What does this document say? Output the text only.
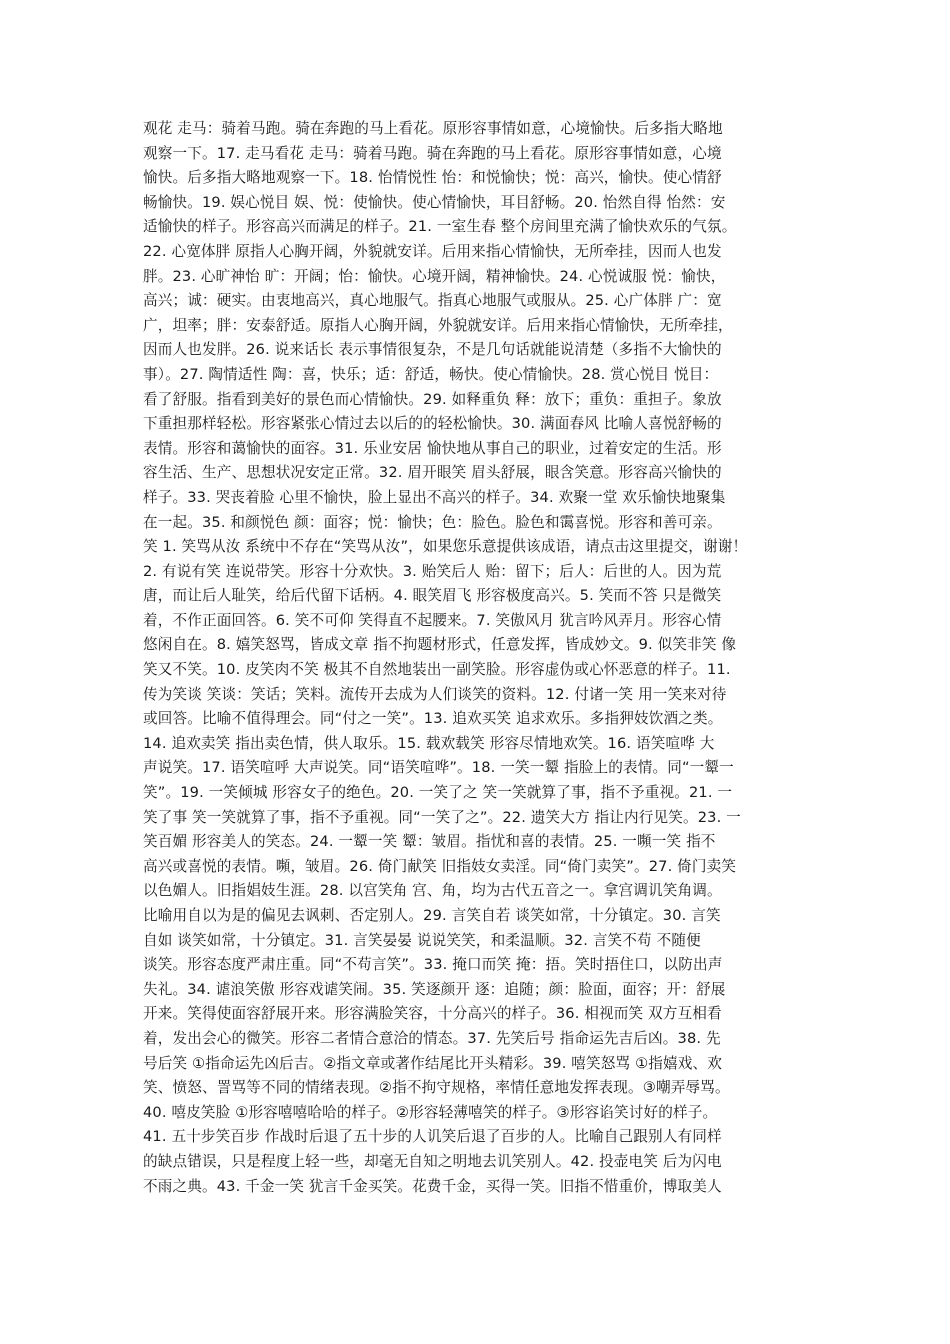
观花 走马：骑着马跑。骑在奔跑的马上看花。原形容事情如意，心境愉快。后多指大略地
观察一下。17. 走马看花 走马：骑着马跑。骑在奔跑的马上看花。原形容事情如意，心境
愉快。后多指大略地观察一下。18. 怡情悦性 怡：和悦愉快；悦：高兴，愉快。使心情舒
畅愉快。19. 娱心悦目 娱、悦：使愉快。使心情愉快，耳目舒畅。20. 怡然自得 怡然：安
适愉快的样子。形容高兴而满足的样子。21. 一室生春 整个房间里充满了愉快欢乐的气氛。
22. 心宽体胖 原指人心胸开阔，外貌就安详。后用来指心情愉快，无所牵挂，因而人也发
胖。23. 心旷神怡 旷：开阔；怡：愉快。心境开阔，精神愉快。24. 心悦诚服 悦：愉快，
高兴；诚：硬实。由衷地高兴，真心地服气。指真心地服气或服从。25. 心广体胖 广：宽
广，坦率；胖：安泰舒适。原指人心胸开阔，外貌就安详。后用来指心情愉快，无所牵挂，
因而人也发胖。26. 说来话长 表示事情很复杂，不是几句话就能说清楚（多指不大愉快的
事）。27. 陶情适性 陶：喜，快乐；适：舒适，畅快。使心情愉快。28. 赏心悦目 悦目：
看了舒服。指看到美好的景色而心情愉快。29. 如释重负 释：放下；重负：重担子。象放
下重担那样轻松。形容紧张心情过去以后的的轻松愉快。30. 满面春风 比喻人喜悦舒畅的
表情。形容和蔼愉快的面容。31. 乐业安居 愉快地从事自己的职业，过着安定的生活。形
容生活、生产、思想状况安定正常。32. 眉开眼笑 眉头舒展，眼含笑意。形容高兴愉快的
样子。33. 哭丧着脸 心里不愉快，脸上显出不高兴的样子。34. 欢聚一堂 欢乐愉快地聚集
在一起。35. 和颜悦色 颜：面容；悦：愉快；色：脸色。脸色和霭喜悦。形容和善可亲。
笑 1. 笑骂从汝 系统中不存在“笑骂从汝”，如果您乐意提供该成语，请点击这里提交，谢谢！
2. 有说有笑 连说带笑。形容十分欢快。3. 贻笑后人 贻：留下；后人：后世的人。因为荒
唐，而让后人耻笑，给后代留下话柄。4. 眼笑眉飞 形容极度高兴。5. 笑而不答 只是微笑
着，不作正面回答。6. 笑不可仰 笑得直不起腰来。7. 笑傲风月 犹言吟风弄月。形容心情
悠闲自在。8. 嬉笑怒骂，皆成文章 指不拘题材形式，任意发挥，皆成妙文。9. 似笑非笑 像
笑又不笑。10. 皮笑肉不笑 极其不自然地装出一副笑脸。形容虚伪或心怀恶意的样子。11.
传为笑谈 笑谈：笑话；笑料。流传开去成为人们谈笑的资料。12. 付诸一笑 用一笑来对待
或回答。比喻不值得理会。同“付之一笑”。13. 追欢买笑 追求欢乐。多指狎妓饮酒之类。
14. 追欢卖笑 指出卖色情，供人取乐。15. 载欢载笑 形容尽情地欢笑。16. 语笑喧哗 大
声说笑。17. 语笑喧呼 大声说笑。同“语笑喧哗”。18. 一笑一颦 指脸上的表情。同“一颦一
笑”。19. 一笑倾城 形容女子的绝色。20. 一笑了之 笑一笑就算了事，指不予重视。21. 一
笑了事 笑一笑就算了事，指不予重视。同“一笑了之”。22. 遗笑大方 指让内行见笑。23. 一
笑百媚 形容美人的笑态。24. 一颦一笑 颦：皱眉。指忧和喜的表情。25. 一嚬一笑 指不
高兴或喜悦的表情。嚬，皱眉。26. 倚门献笑 旧指妓女卖淫。同“倚门卖笑”。27. 倚门卖笑
以色媚人。旧指娼妓生涯。28. 以宫笑角 宫、角，均为古代五音之一。拿宫调讥笑角调。
比喻用自以为是的偏见去讽刺、否定别人。29. 言笑自若 谈笑如常，十分镇定。30. 言笑
自如 谈笑如常，十分镇定。31. 言笑晏晏 说说笑笑，和柔温顺。32. 言笑不苟 不随便
谈笑。形容态度严肃庄重。同“不苟言笑”。33. 掩口而笑 掩：捂。笑时捂住口，以防出声
失礼。34. 谑浪笑傲 形容戏谑笑闹。35. 笑逐颜开 逐：追随；颜：脸面，面容；开：舒展
开来。笑得使面容舒展开来。形容满脸笑容，十分高兴的样子。36. 相视而笑 双方互相看
着，发出会心的微笑。形容二者情合意洽的情态。37. 先笑后号 指命运先吉后凶。38. 先
号后笑 ①指命运先凶后吉。②指文章或著作结尾比开头精彩。39. 嘻笑怒骂 ①指嬉戏、欢
笑、愤怒、詈骂等不同的情绪表现。②指不拘守规格，率情任意地发挥表现。③嘲弄辱骂。
40. 嘻皮笑脸 ①形容嘻嘻哈哈的样子。②形容轻薄嘻笑的样子。③形容谄笑讨好的样子。
41. 五十步笑百步 作战时后退了五十步的人讥笑后退了百步的人。比喻自己跟别人有同样
的缺点错误，只是程度上轻一些，却毫无自知之明地去讥笑别人。42. 投壶电笑 后为闪电
不雨之典。43. 千金一笑 犹言千金买笑。花费千金，买得一笑。旧指不惜重价，博取美人
